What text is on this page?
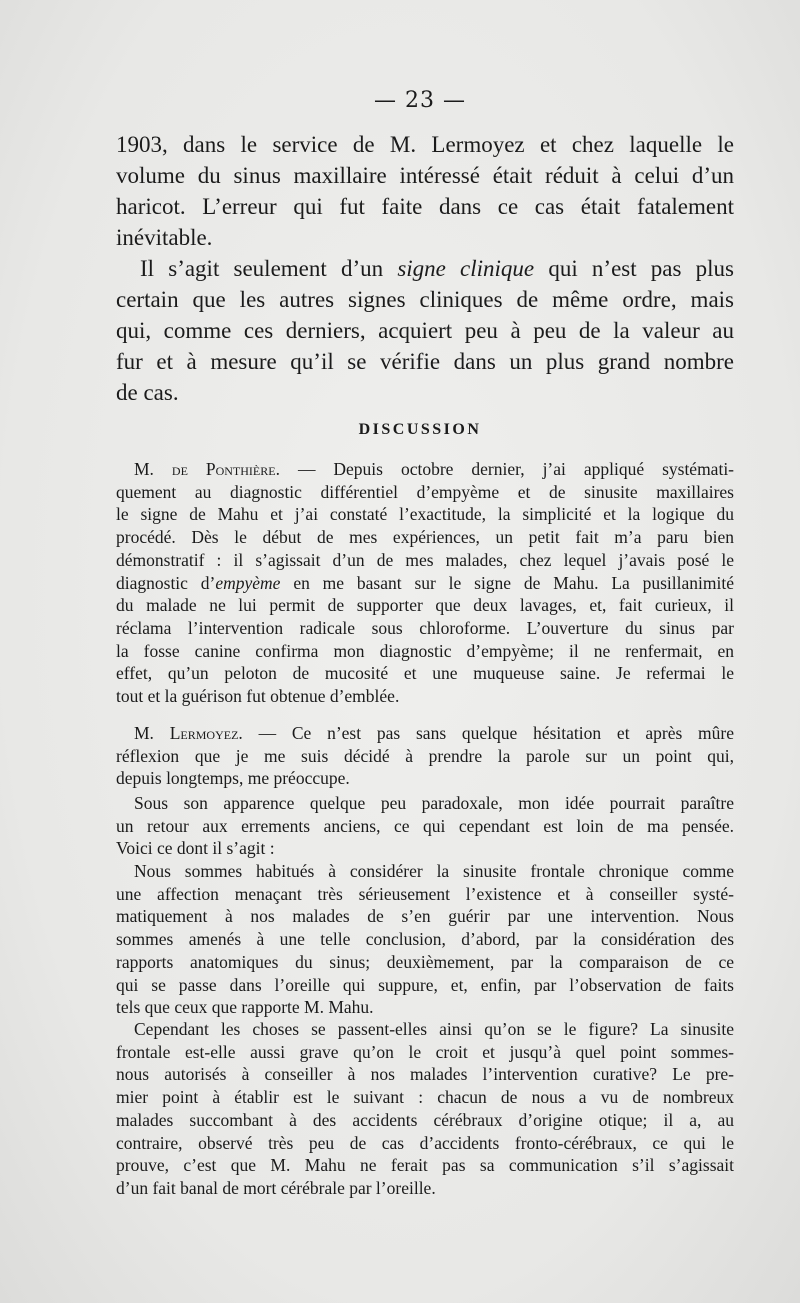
— 23 —
1903, dans le service de M. Lermoyez et chez laquelle le
volume du sinus maxillaire intéressé était réduit à celui d’un
haricot. L’erreur qui fut faite dans ce cas était fatalement
inévitable.
Il s’agit seulement d’un signe clinique qui n’est pas plus
certain que les autres signes cliniques de même ordre, mais
qui, comme ces derniers, acquiert peu à peu de la valeur au
fur et à mesure qu’il se vérifie dans un plus grand nombre
de cas.
DISCUSSION
M. de Ponthière. — Depuis octobre dernier, j’ai appliqué systémati-
quement au diagnostic différentiel d’empyème et de sinusite maxillaires
le signe de Mahu et j’ai constaté l’exactitude, la simplicité et la logique du
procédé. Dès le début de mes expériences, un petit fait m’a paru bien
démonstratif : il s’agissait d’un de mes malades, chez lequel j’avais posé le
diagnostic d’empyème en me basant sur le signe de Mahu. La pusillanimité
du malade ne lui permit de supporter que deux lavages, et, fait curieux, il
réclama l’intervention radicale sous chloroforme. L’ouverture du sinus par
la fosse canine confirma mon diagnostic d’empyème; il ne renfermait, en
effet, qu’un peloton de mucosité et une muqueuse saine. Je refermai le
tout et la guérison fut obtenue d’emblée.
M. Lermoyez. — Ce n’est pas sans quelque hésitation et après mûre
réflexion que je me suis décidé à prendre la parole sur un point qui,
depuis longtemps, me préoccupe.
Sous son apparence quelque peu paradoxale, mon idée pourrait paraître
un retour aux errements anciens, ce qui cependant est loin de ma pensée.
Voici ce dont il s’agit :
Nous sommes habitués à considérer la sinusite frontale chronique comme
une affection menaçant très sérieusement l’existence et à conseiller systé-
matiquement à nos malades de s’en guérir par une intervention. Nous
sommes amenés à une telle conclusion, d’abord, par la considération des
rapports anatomiques du sinus; deuxièmement, par la comparaison de ce
qui se passe dans l’oreille qui suppure, et, enfin, par l’observation de faits
tels que ceux que rapporte M. Mahu.
Cependant les choses se passent-elles ainsi qu’on se le figure? La sinusite
frontale est-elle aussi grave qu’on le croit et jusqu’à quel point sommes-
nous autorisés à conseiller à nos malades l’intervention curative? Le pre-
mier point à établir est le suivant : chacun de nous a vu de nombreux
malades succombant à des accidents cérébraux d’origine otique; il a, au
contraire, observé très peu de cas d’accidents fronto-cérébraux, ce qui le
prouve, c’est que M. Mahu ne ferait pas sa communication s’il s’agissait
d’un fait banal de mort cérébrale par l’oreille.
